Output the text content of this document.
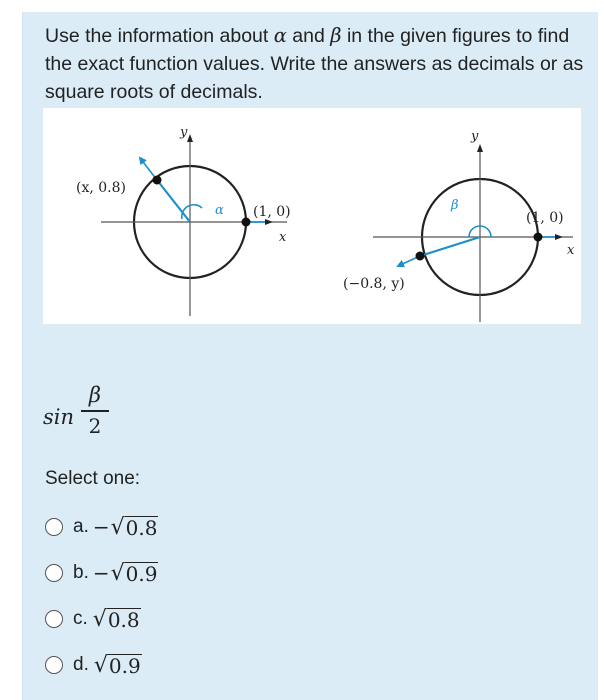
Use the information about α and β in the given figures to find the exact function values. Write the answers as decimals or as square roots of decimals.
y
x
(x, 0.8)
(1, 0)
α
y
x
(−0.8, y)
(1, 0)
β
sin
β
2
Select one:
a. − √ 0.8
b. − √ 0.9
c. √ 0.8
d. √ 0.9
